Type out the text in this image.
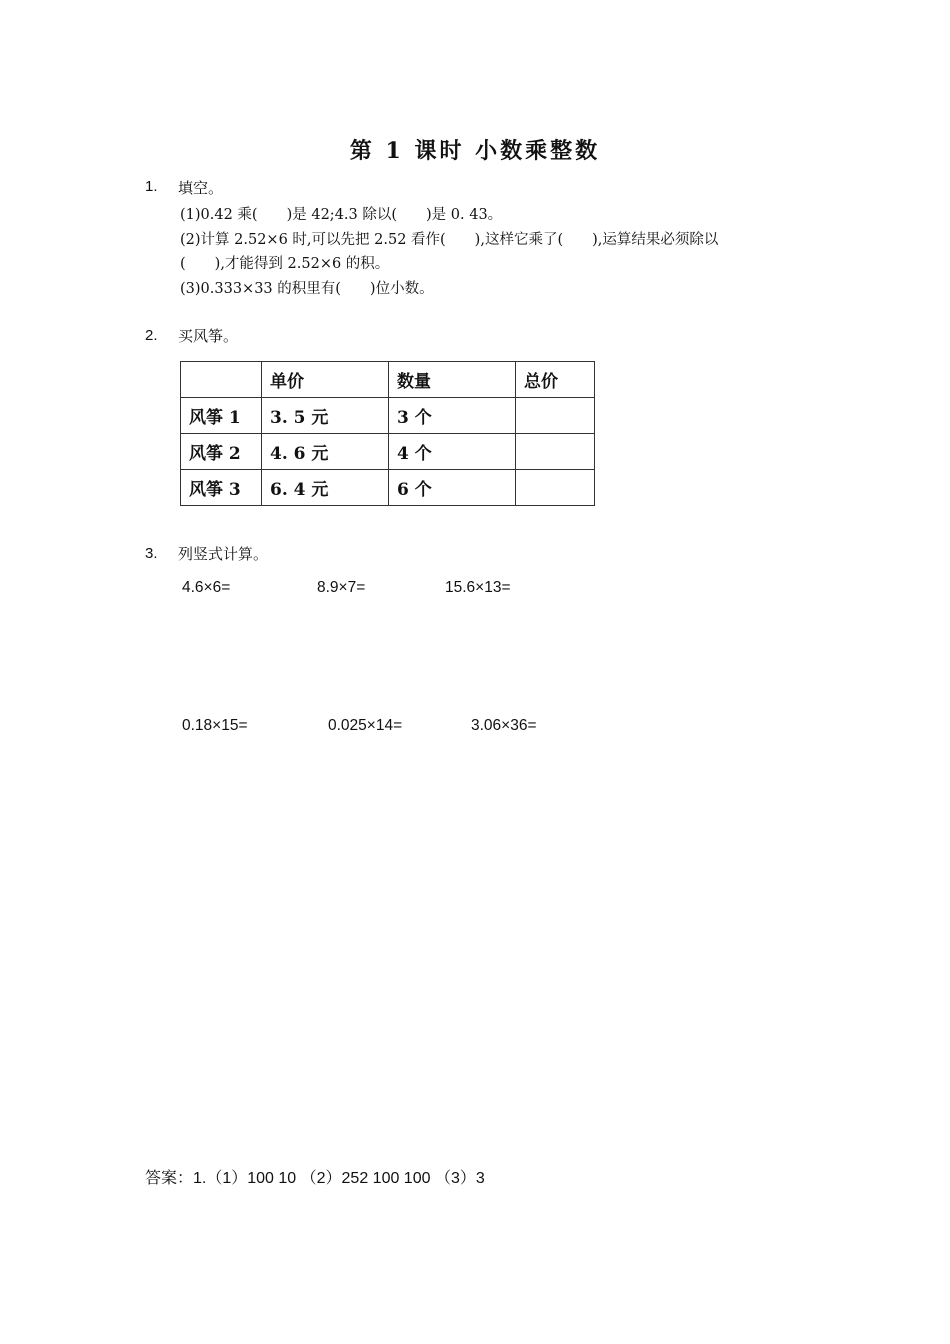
第 1 课时 小数乘整数
1. 填空。
(1)0.42 乘(　　)是 42;4.3 除以(　　)是 0. 43。
(2)计算 2.52×6 时,可以先把 2.52 看作(　　),这样它乘了(　　),运算结果必须除以
(　　),才能得到 2.52×6 的积。
(3)0.333×33 的积里有(　　)位小数。
2. 买风筝。
	单价	数量	总价
风筝 1	3. 5 元	3 个	
风筝 2	4. 6 元	4 个	
风筝 3	6. 4 元	6 个	
3. 列竖式计算。
4.6×6=	8.9×7=	15.6×13=
0.18×15=	0.025×14=	3.06×36=
答案：1.（1）100 10 （2）252 100 100 （3）3
